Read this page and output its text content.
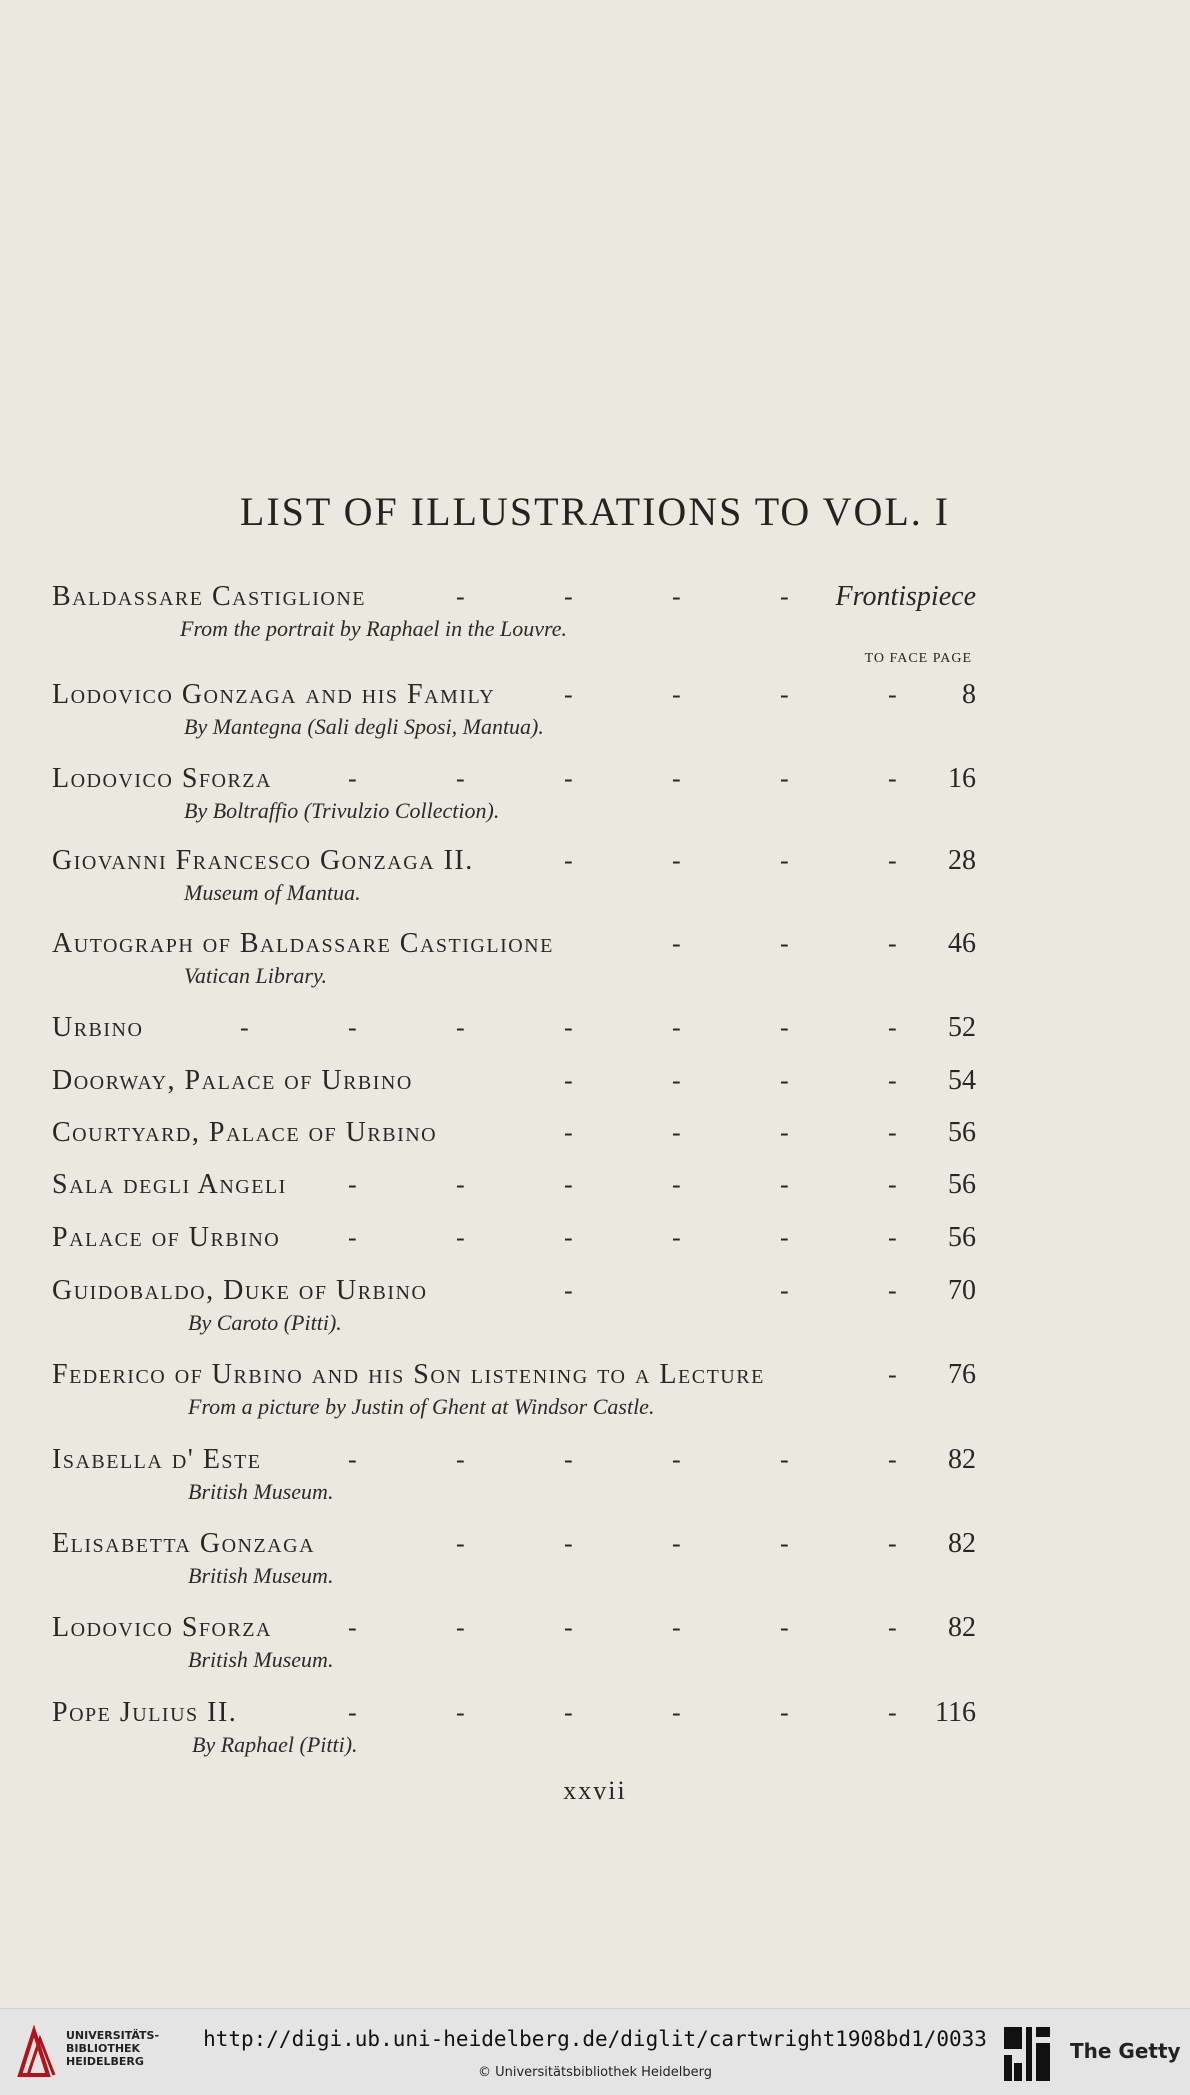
LIST OF ILLUSTRATIONS TO VOL. I
TO FACE PAGE
Baldassare Castiglione	-	-	-	- Frontispiece
From the portrait by Raphael in the Louvre.
Lodovico Gonzaga and his Family	-	-	-	- 8
By Mantegna (Sali degli Sposi, Mantua).
Lodovico Sforza	-	-	-	-	-	- 16
By Boltraffio (Trivulzio Collection).
Giovanni Francesco Gonzaga II.	-	-	-	- 28
Museum of Mantua.
Autograph of Baldassare Castiglione	-	-	- 46
Vatican Library.
Urbino	-	-	-	-	-	-	- 52
Doorway, Palace of Urbino	-	-	-	- 54
Courtyard, Palace of Urbino	-	-	-	- 56
Sala degli Angeli -	-	-	-	-	- 56
Palace of Urbino	-	-	-	-	-	- 56
Guidobaldo, Duke of Urbino	-	-	- 70
By Caroto (Pitti).
Federico of Urbino and his Son listening to a Lecture	- 76
From a picture by Justin of Ghent at Windsor Castle.
Isabella d' Este	-	-	-	-	-	- 82
British Museum.
Elisabetta Gonzaga	-	-	-	-	- 82
British Museum.
Lodovico Sforza	-	-	-	-	-	- 82
British Museum.
Pope Julius II.	-	-	-	-	-	- 116
By Raphael (Pitti).
xxvii
UNIVERSITÄTS-
BIBLIOTHEK
HEIDELBERG
http://digi.ub.uni-heidelberg.de/diglit/cartwright1908bd1/0033
© Universitätsbibliothek Heidelberg
The Getty
